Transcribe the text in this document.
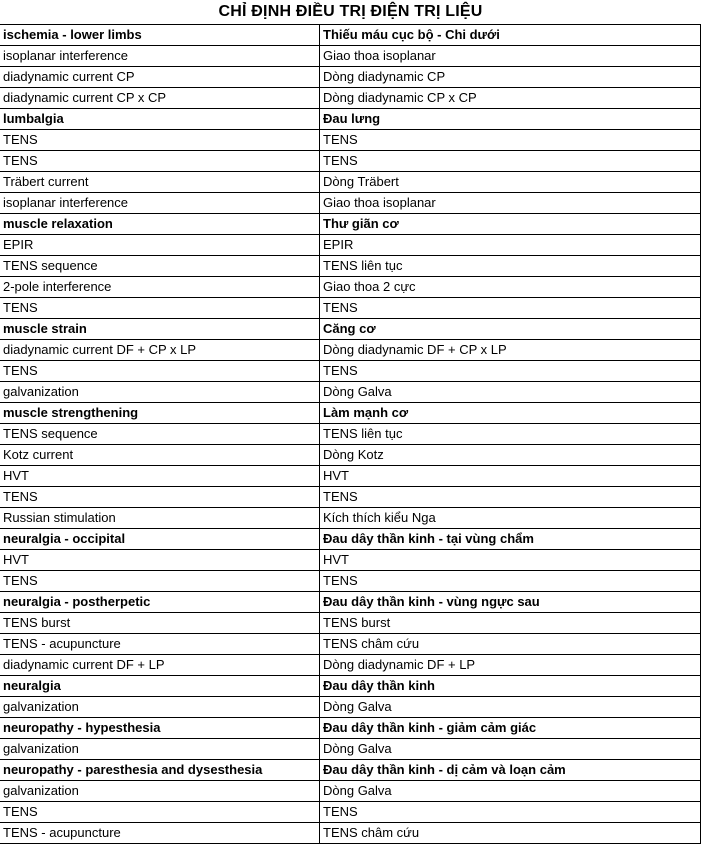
CHỈ ĐỊNH ĐIỀU TRỊ ĐIỆN TRỊ LIỆU
ischemia - lower limbs	Thiếu máu cục bộ - Chi dưới
isoplanar interference	Giao thoa isoplanar
diadynamic current CP	Dòng diadynamic CP
diadynamic current CP x CP	Dòng diadynamic CP x CP
lumbalgia	Đau lưng
TENS	TENS
TENS	TENS
Träbert current	Dòng Träbert
isoplanar interference	Giao thoa isoplanar
muscle relaxation	Thư giãn cơ
EPIR	EPIR
TENS sequence	TENS liên tục
2-pole interference	Giao thoa 2 cực
TENS	TENS
muscle strain	Căng cơ
diadynamic current DF + CP x LP	Dòng diadynamic DF + CP x LP
TENS	TENS
galvanization	Dòng Galva
muscle strengthening	Làm mạnh cơ
TENS sequence	TENS liên tục
Kotz current	Dòng Kotz
HVT	HVT
TENS	TENS
Russian stimulation	Kích thích kiểu Nga
neuralgia - occipital	Đau dây thần kinh - tại vùng chẩm
HVT	HVT
TENS	TENS
neuralgia - postherpetic	Đau dây thần kinh - vùng ngực sau
TENS burst	TENS burst
TENS - acupuncture	TENS châm cứu
diadynamic current DF + LP	Dòng diadynamic DF + LP
neuralgia	Đau dây thần kinh
galvanization	Dòng Galva
neuropathy - hypesthesia	Đau dây thần kinh - giảm cảm giác
galvanization	Dòng Galva
neuropathy - paresthesia and dysesthesia	Đau dây thần kinh - dị cảm và loạn cảm
galvanization	Dòng Galva
TENS	TENS
TENS - acupuncture	TENS châm cứu
